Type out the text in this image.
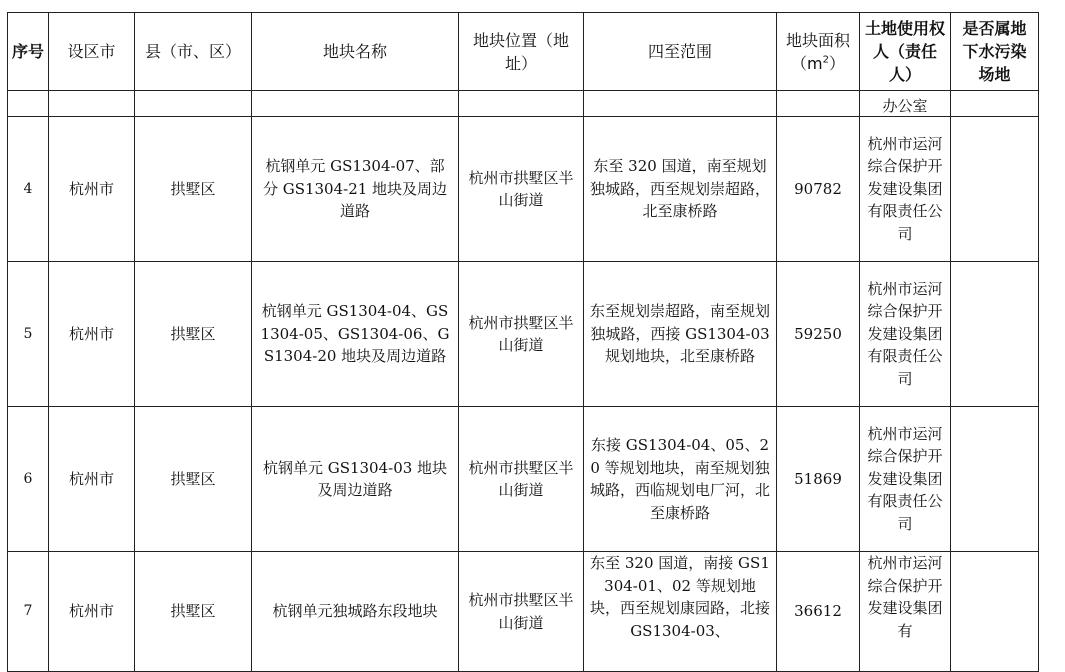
序号	设区市	县（市、区）	地块名称	地块位置（地址）	四至范围	地块面积$(m^2)$	土地使用权人（责任人）	是否属地下水污染场地
							办公室	
4	杭州市	拱墅区	杭钢单元 GS1304-07、部分 GS1304-21 地块及周边道路	杭州市拱墅区半山街道	东至 320 国道，南至规划独城路，西至规划崇超路，北至康桥路	90782	杭州市运河综合保护开发建设集团有限责任公司	
5	杭州市	拱墅区	杭钢单元 GS1304-04、GS1304-05、GS1304-06、GS1304-20 地块及周边道路	杭州市拱墅区半山街道	东至规划崇超路，南至规划独城路，西接 GS1304-03 规划地块，北至康桥路	59250	杭州市运河综合保护开发建设集团有限责任公司	
6	杭州市	拱墅区	杭钢单元 GS1304-03 地块及周边道路	杭州市拱墅区半山街道	东接 GS1304-04、05、20 等规划地块，南至规划独城路，西临规划电厂河，北至康桥路	51869	杭州市运河综合保护开发建设集团有限责任公司	
7	杭州市	拱墅区	杭钢单元独城路东段地块	杭州市拱墅区半山街道	东至 320 国道，南接 GS1304-01、02 等规划地块，西至规划康园路，北接 GS1304-03、	36612	杭州市运河综合保护开发建设集团有	
